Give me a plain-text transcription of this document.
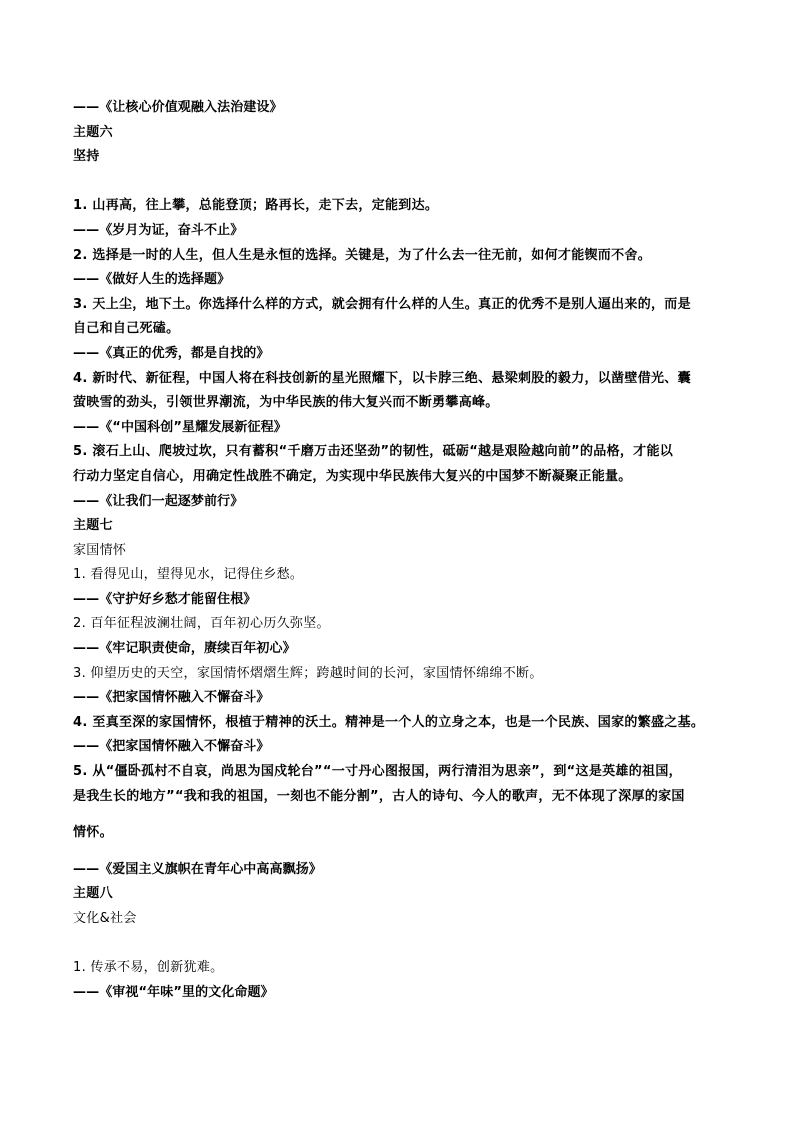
——《让核心价值观融入法治建设》
主题六
坚持
1. 山再高，往上攀，总能登顶；路再长，走下去，定能到达。
——《岁月为证，奋斗不止》
2. 选择是一时的人生，但人生是永恒的选择。关键是，为了什么去一往无前，如何才能锲而不舍。
——《做好人生的选择题》
3. 天上尘，地下土。你选择什么样的方式，就会拥有什么样的人生。真正的优秀不是别人逼出来的，而是
自己和自己死磕。
——《真正的优秀，都是自找的》
4. 新时代、新征程，中国人将在科技创新的星光照耀下，以卡脖三绝、悬梁刺股的毅力，以凿壁借光、囊
萤映雪的劲头，引领世界潮流，为中华民族的伟大复兴而不断勇攀高峰。
——《“中国科创”星耀发展新征程》
5. 滚石上山、爬坡过坎，只有蓄积“千磨万击还坚劲”的韧性，砥砺“越是艰险越向前”的品格，才能以
行动力坚定自信心，用确定性战胜不确定，为实现中华民族伟大复兴的中国梦不断凝聚正能量。
——《让我们一起逐梦前行》
主题七
家国情怀
1. 看得见山，望得见水，记得住乡愁。
——《守护好乡愁才能留住根》
2. 百年征程波澜壮阔，百年初心历久弥坚。
——《牢记职责使命，赓续百年初心》
3. 仰望历史的天空，家国情怀熠熠生辉；跨越时间的长河，家国情怀绵绵不断。
——《把家国情怀融入不懈奋斗》
4. 至真至深的家国情怀，根植于精神的沃土。精神是一个人的立身之本，也是一个民族、国家的繁盛之基。
——《把家国情怀融入不懈奋斗》
5. 从“僵卧孤村不自哀，尚思为国戍轮台”“一寸丹心图报国，两行清泪为思亲”，到“这是英雄的祖国，
是我生长的地方”“我和我的祖国，一刻也不能分割”，古人的诗句、今人的歌声，无不体现了深厚的家国
情怀。
——《爱国主义旗帜在青年心中高高飘扬》
主题八
文化&社会
1. 传承不易，创新犹难。
——《审视“年味”里的文化命题》
